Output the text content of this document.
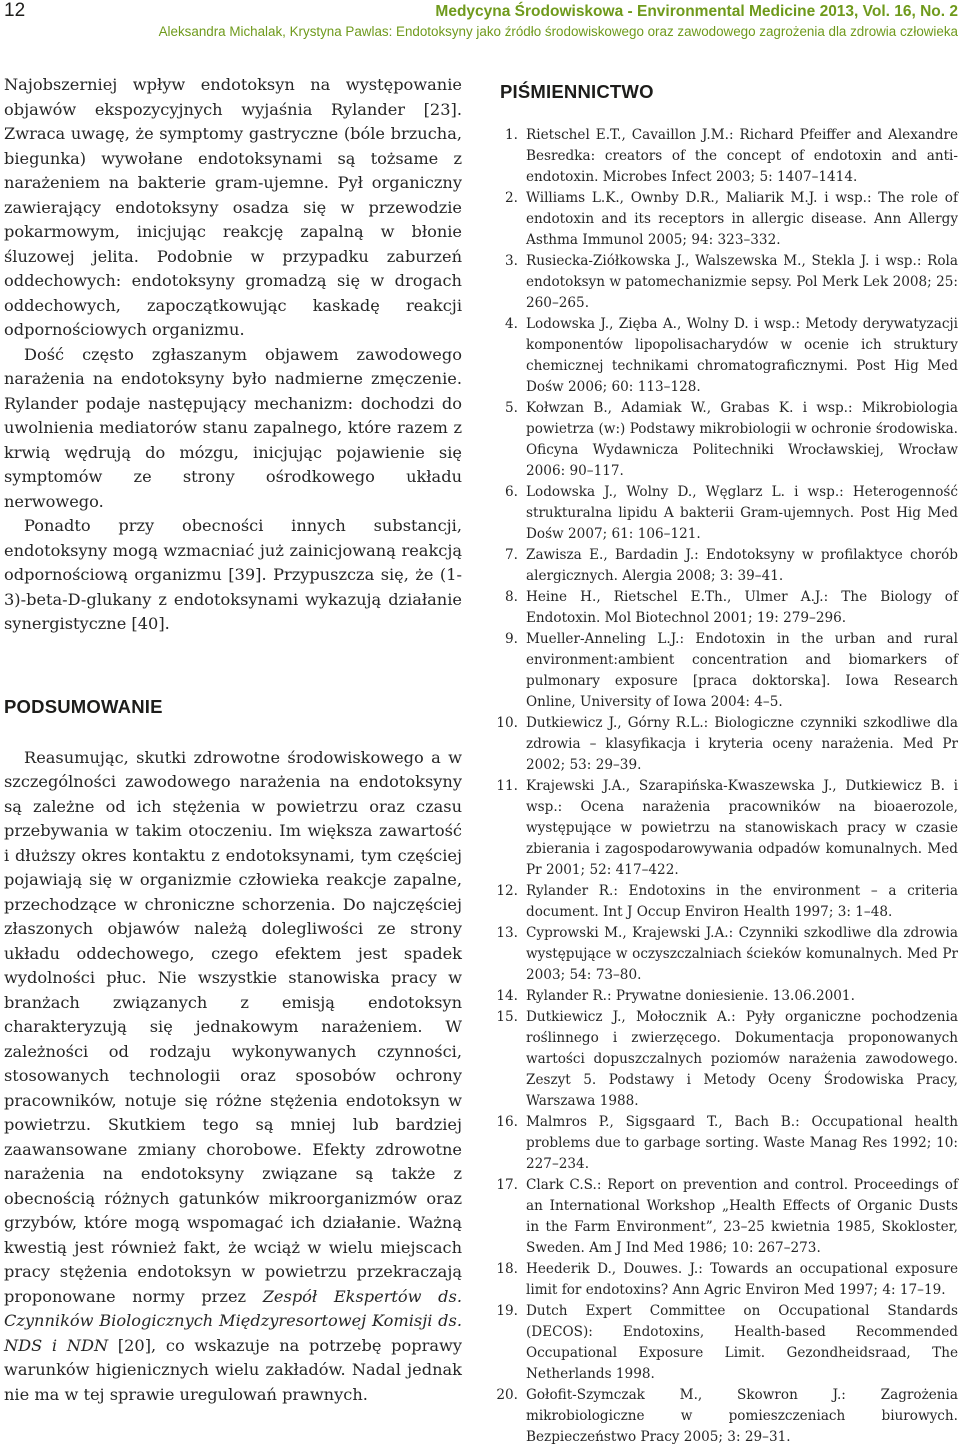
12	Medycyna Środowiskowa - Environmental Medicine 2013, Vol. 16, No. 2
Aleksandra Michalak, Krystyna Pawlas: Endotoksyny jako źródło środowiskowego oraz zawodowego zagrożenia dla zdrowia człowieka

Najobszerniej wpływ endotoksyn na występowanie objawów ekspozycyjnych wyjaśnia Rylander [23]. Zwraca uwagę, że symptomy gastryczne (bóle brzucha, biegunka) wywołane endotoksynami są tożsame z narażeniem na bakterie gram-ujemne. Pył organiczny zawierający endotoksyny osadza się w przewodzie pokarmowym, inicjując reakcję zapalną w błonie śluzowej jelita. Podobnie w przypadku zaburzeń oddechowych: endotoksyny gromadzą się w drogach oddechowych, zapoczątkowując kaskadę reakcji odpornościowych organizmu.

Dość często zgłaszanym objawem zawodowego narażenia na endotoksyny było nadmierne zmęczenie. Rylander podaje następujący mechanizm: dochodzi do uwolnienia mediatorów stanu zapalnego, które razem z krwią wędrują do mózgu, inicjując pojawienie się symptomów ze strony ośrodkowego układu nerwowego.

Ponadto przy obecności innych substancji, endotoksyny mogą wzmacniać już zainicjowaną reakcją odpornościową organizmu [39]. Przypuszcza się, że (1-3)-beta-D-glukany z endotoksynami wykazują działanie synergistyczne [40].

PODSUMOWANIE

Reasumując, skutki zdrowotne środowiskowego a w szczególności zawodowego narażenia na endotoksyny są zależne od ich stężenia w powietrzu oraz czasu przebywania w takim otoczeniu. Im większa zawartość i dłuższy okres kontaktu z endotoksynami, tym częściej pojawiają się w organizmie człowieka reakcje zapalne, przechodzące w chroniczne schorzenia. Do najczęściej złaszonych objawów należą dolegliwości ze strony układu oddechowego, czego efektem jest spadek wydolności płuc. Nie wszystkie stanowiska pracy w branżach związanych z emisją endotoksyn charakteryzują się jednakowym narażeniem. W zależności od rodzaju wykonywanych czynności, stosowanych technologii oraz sposobów ochrony pracowników, notuje się różne stężenia endotoksyn w powietrzu. Skutkiem tego są mniej lub bardziej zaawansowane zmiany chorobowe. Efekty zdrowotne narażenia na endotoksyny związane są także z obecnością różnych gatunków mikroorganizmów oraz grzybów, które mogą wspomagać ich działanie. Ważną kwestią jest również fakt, że wciąż w wielu miejscach pracy stężenia endotoksyn w powietrzu przekraczają proponowane normy przez Zespół Ekspertów ds. Czynników Biologicznych Międzyresortowej Komisji ds. NDS i NDN [20], co wskazuje na potrzebę poprawy warunków higienicznych wielu zakładów. Nadal jednak nie ma w tej sprawie uregulowań prawnych.

PIŚMIENNICTWO
1. Rietschel E.T., Cavaillon J.M.: Richard Pfeiffer and Alexandre Besredka: creators of the concept of endotoxin and anti-endotoxin. Microbes Infect 2003; 5: 1407–1414.
2. Williams L.K., Ownby D.R., Maliarik M.J. i wsp.: The role of endotoxin and its receptors in allergic disease. Ann Allergy Asthma Immunol 2005; 94: 323–332.
3. Rusiecka-Ziółkowska J., Walszewska M., Stekla J. i wsp.: Rola endotoksyn w patomechanizmie sepsy. Pol Merk Lek 2008; 25: 260–265.
4. Lodowska J., Zięba A., Wolny D. i wsp.: Metody derywatyzacji komponentów lipopolisacharydów w ocenie ich struktury chemicznej technikami chromatograficznymi. Post Hig Med Dośw 2006; 60: 113–128.
5. Kołwzan B., Adamiak W., Grabas K. i wsp.: Mikrobiologia powietrza (w:) Podstawy mikrobiologii w ochronie środowiska. Oficyna Wydawnicza Politechniki Wrocławskiej, Wrocław 2006: 90–117.
6. Lodowska J., Wolny D., Węglarz L. i wsp.: Heterogenność strukturalna lipidu A bakterii Gram-ujemnych. Post Hig Med Dośw 2007; 61: 106–121.
7. Zawisza E., Bardadin J.: Endotoksyny w profilaktyce chorób alergicznych. Alergia 2008; 3: 39–41.
8. Heine H., Rietschel E.Th., Ulmer A.J.: The Biology of Endotoxin. Mol Biotechnol 2001; 19: 279–296.
9. Mueller-Anneling L.J.: Endotoxin in the urban and rural environment:ambient concentration and biomarkers of pulmonary exposure [praca doktorska]. Iowa Research Online, University of Iowa 2004: 4–5.
10. Dutkiewicz J., Górny R.L.: Biologiczne czynniki szkodliwe dla zdrowia – klasyfikacja i kryteria oceny narażenia. Med Pr 2002; 53: 29–39.
11. Krajewski J.A., Szarapińska-Kwaszewska J., Dutkiewicz B. i wsp.: Ocena narażenia pracowników na bioaerozole, występujące w powietrzu na stanowiskach pracy w czasie zbierania i zagospodarowywania odpadów komunalnych. Med Pr 2001; 52: 417–422.
12. Rylander R.: Endotoxins in the environment – a criteria document. Int J Occup Environ Health 1997; 3: 1–48.
13. Cyprowski M., Krajewski J.A.: Czynniki szkodliwe dla zdrowia występujące w oczyszczalniach ścieków komunalnych. Med Pr 2003; 54: 73–80.
14. Rylander R.: Prywatne doniesienie. 13.06.2001.
15. Dutkiewicz J., Mołocznik A.: Pyły organiczne pochodzenia roślinnego i zwierzęcego. Dokumentacja proponowanych wartości dopuszczalnych poziomów narażenia zawodowego. Zeszyt 5. Podstawy i Metody Oceny Środowiska Pracy, Warszawa 1988.
16. Malmros P., Sigsgaard T., Bach B.: Occupational health problems due to garbage sorting. Waste Manag Res 1992; 10: 227–234.
17. Clark C.S.: Report on prevention and control. Proceedings of an International Workshop „Health Effects of Organic Dusts in the Farm Environment”, 23–25 kwietnia 1985, Skokloster, Sweden. Am J Ind Med 1986; 10: 267–273.
18. Heederik D., Douwes. J.: Towards an occupational exposure limit for endotoxins? Ann Agric Environ Med 1997; 4: 17–19.
19. Dutch Expert Committee on Occupational Standards (DECOS): Endotoxins, Health-based Recommended Occupational Exposure Limit. Gezondheidsraad, The Netherlands 1998.
20. Gołofit-Szymczak M., Skowron J.: Zagrożenia mikrobiologiczne w pomieszczeniach biurowych. Bezpieczeństwo Pracy 2005; 3: 29–31.
